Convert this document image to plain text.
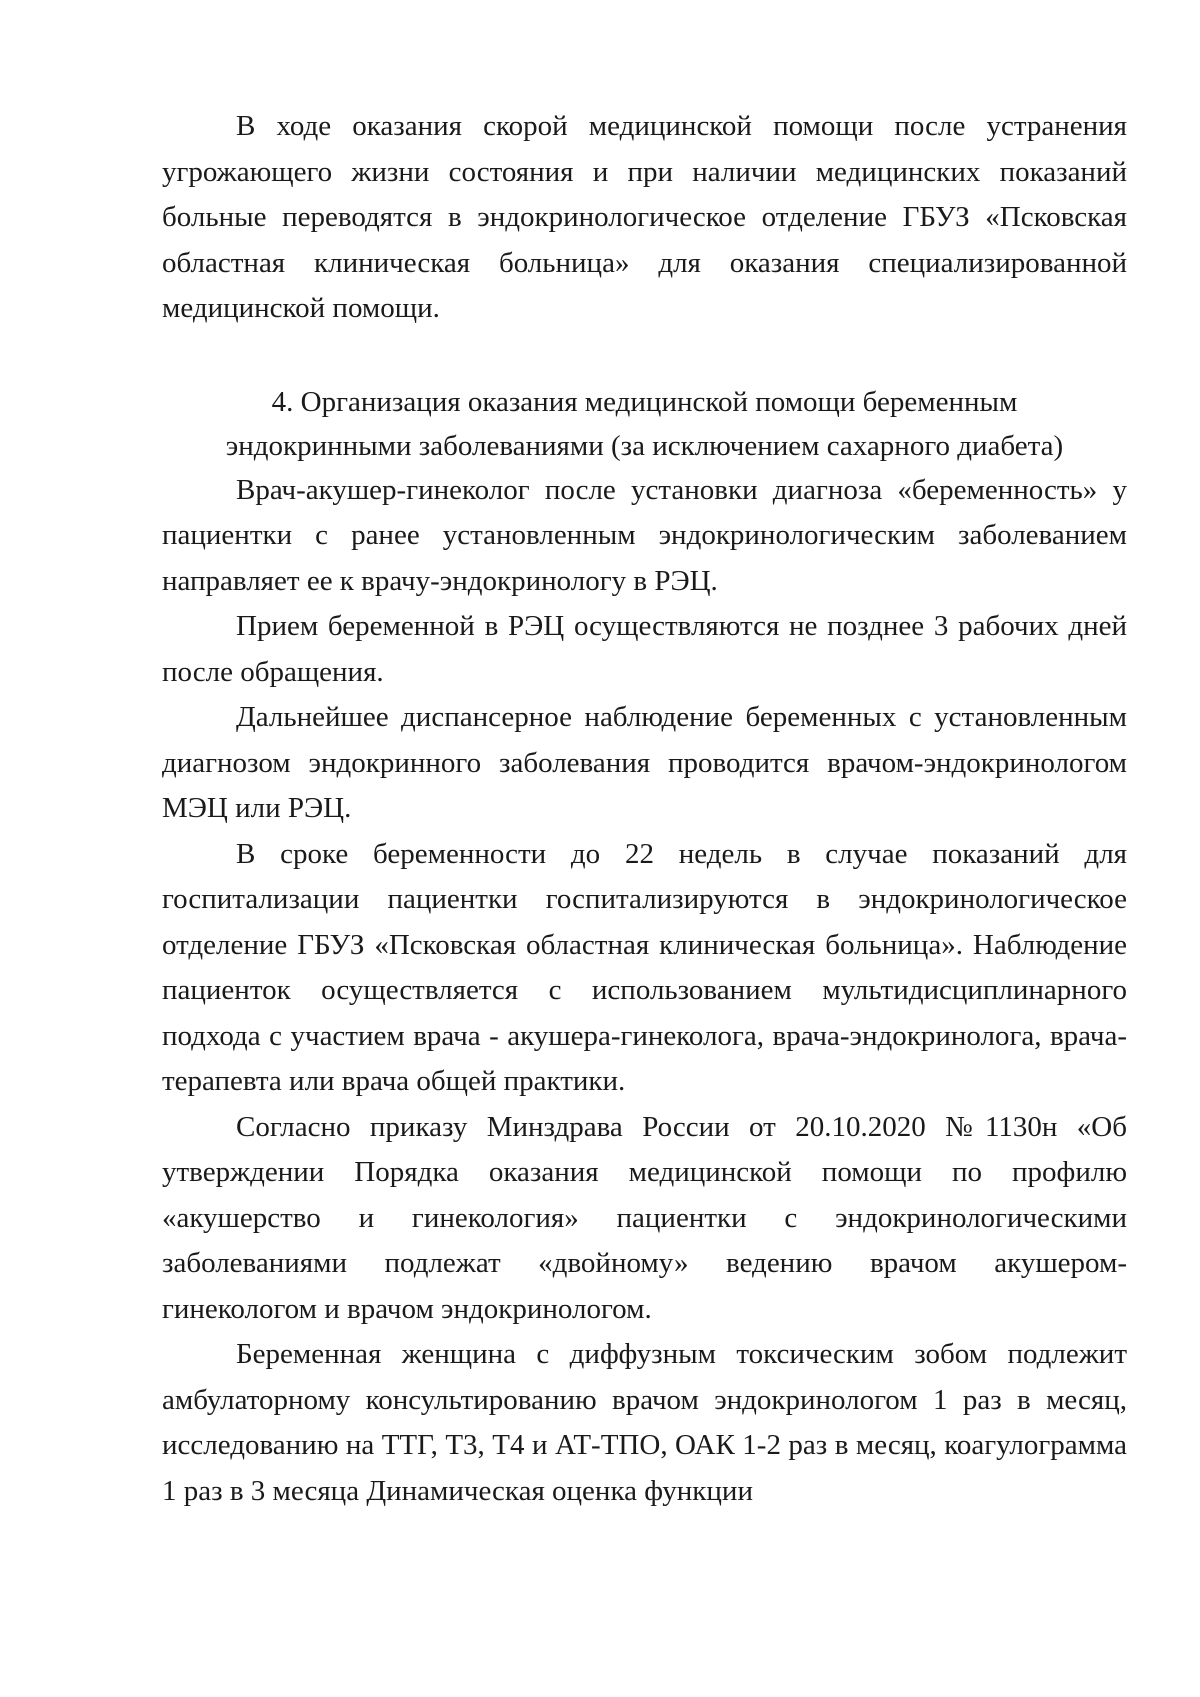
В ходе оказания скорой медицинской помощи после устранения угрожающего жизни состояния и при наличии медицинских показаний больные переводятся в эндокринологическое отделение ГБУЗ «Псковская областная клиническая больница» для оказания специализированной медицинской помощи.

4. Организация оказания медицинской помощи беременным
эндокринными заболеваниями (за исключением сахарного диабета)

Врач-акушер-гинеколог после установки диагноза «беременность» у пациентки с ранее установленным эндокринологическим заболеванием направляет ее к врачу-эндокринологу в РЭЦ.

Прием беременной в РЭЦ осуществляются не позднее 3 рабочих дней после обращения.

Дальнейшее диспансерное наблюдение беременных с установленным диагнозом эндокринного заболевания проводится врачом-эндокринологом МЭЦ или РЭЦ.

В сроке беременности до 22 недель в случае показаний для госпитализации пациентки госпитализируются в эндокринологическое отделение ГБУЗ «Псковская областная клиническая больница». Наблюдение пациенток осуществляется с использованием мультидисциплинарного подхода с участием врача - акушера-гинеколога, врача-эндокринолога, врача-терапевта или врача общей практики.

Согласно приказу Минздрава России от 20.10.2020 №1130н «Об утверждении Порядка оказания медицинской помощи по профилю «акушерство и гинекология» пациентки с эндокринологическими заболеваниями подлежат «двойному» ведению врачом акушером-гинекологом и врачом эндокринологом.

Беременная женщина с диффузным токсическим зобом подлежит амбулаторному консультированию врачом эндокринологом 1 раз в месяц, исследованию на ТТГ, Т3, Т4 и АТ-ТПО, ОАК 1-2 раз в месяц, коагулограмма 1 раз в 3 месяца Динамическая оценка функции
